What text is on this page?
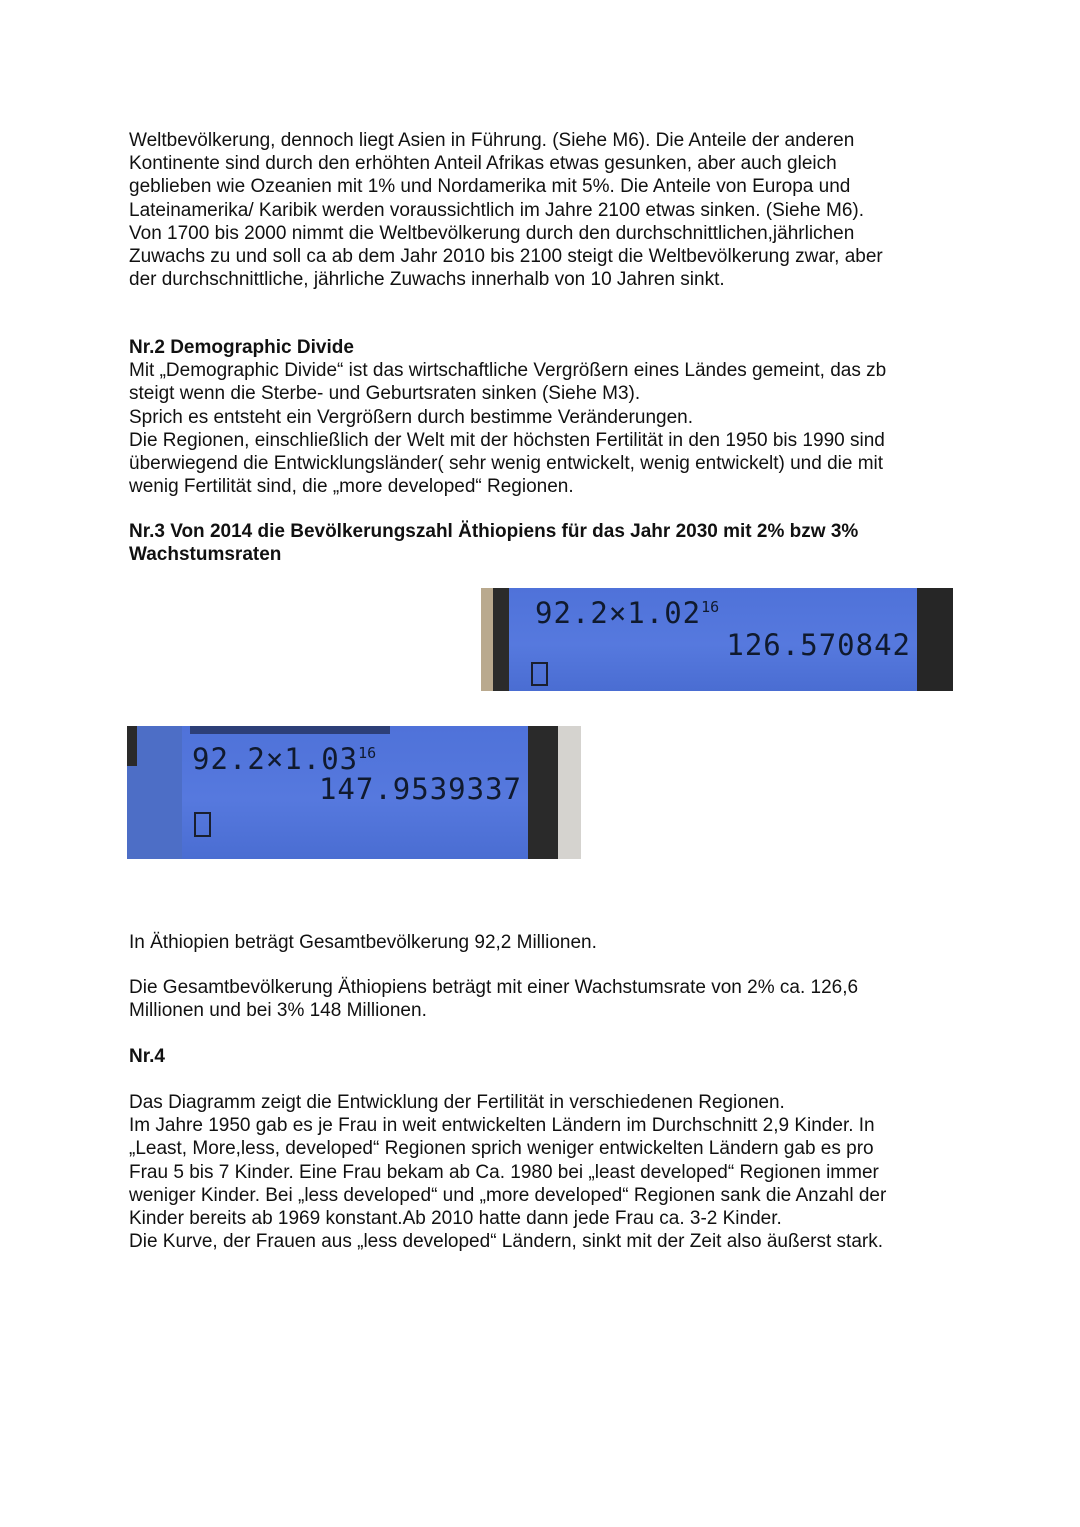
Weltbevölkerung, dennoch liegt Asien in Führung. (Siehe M6). Die Anteile der anderen
Kontinente sind durch den erhöhten Anteil Afrikas etwas gesunken, aber auch gleich
geblieben wie Ozeanien mit 1% und Nordamerika mit 5%. Die Anteile von Europa und
Lateinamerika/ Karibik werden voraussichtlich im Jahre 2100 etwas sinken. (Siehe M6).
Von 1700 bis 2000 nimmt die Weltbevölkerung durch den durchschnittlichen,jährlichen
Zuwachs zu und soll ca ab dem Jahr 2010 bis 2100 steigt die Weltbevölkerung zwar, aber
der durchschnittliche, jährliche Zuwachs innerhalb von 10 Jahren sinkt.

Nr.2 Demographic Divide
Mit „Demographic Divide“ ist das wirtschaftliche Vergrößern eines Ländes gemeint, das zb
steigt wenn die Sterbe- und Geburtsraten sinken (Siehe M3).
Sprich es entsteht ein Vergrößern durch bestimme Veränderungen.
Die Regionen, einschließlich der Welt mit der höchsten Fertilität in den 1950 bis 1990 sind
überwiegend die Entwicklungsländer( sehr wenig entwickelt, wenig entwickelt) und die mit
wenig Fertilität sind, die „more developed“ Regionen.

Nr.3 Von 2014 die Bevölkerungszahl Äthiopiens für das Jahr 2030 mit 2% bzw 3%
Wachstumsraten

$92.2\times 1.02^{16}$
126.570842
$92.2\times 1.03^{16}$
147.9539337

In Äthiopien beträgt Gesamtbevölkerung 92,2 Millionen.

Die Gesamtbevölkerung Äthiopiens beträgt mit einer Wachstumsrate von 2% ca. 126,6
Millionen und bei 3% 148 Millionen.

Nr.4

Das Diagramm zeigt die Entwicklung der Fertilität in verschiedenen Regionen.
Im Jahre 1950 gab es je Frau in weit entwickelten Ländern im Durchschnitt 2,9 Kinder. In
„Least, More,less, developed“ Regionen sprich weniger entwickelten Ländern gab es pro
Frau 5 bis 7 Kinder. Eine Frau bekam ab Ca. 1980 bei „least developed“ Regionen immer
weniger Kinder. Bei „less developed“ und „more developed“ Regionen sank die Anzahl der
Kinder bereits ab 1969 konstant.Ab 2010 hatte dann jede Frau ca. 3-2 Kinder.
Die Kurve, der Frauen aus „less developed“ Ländern, sinkt mit der Zeit also äußerst stark.
